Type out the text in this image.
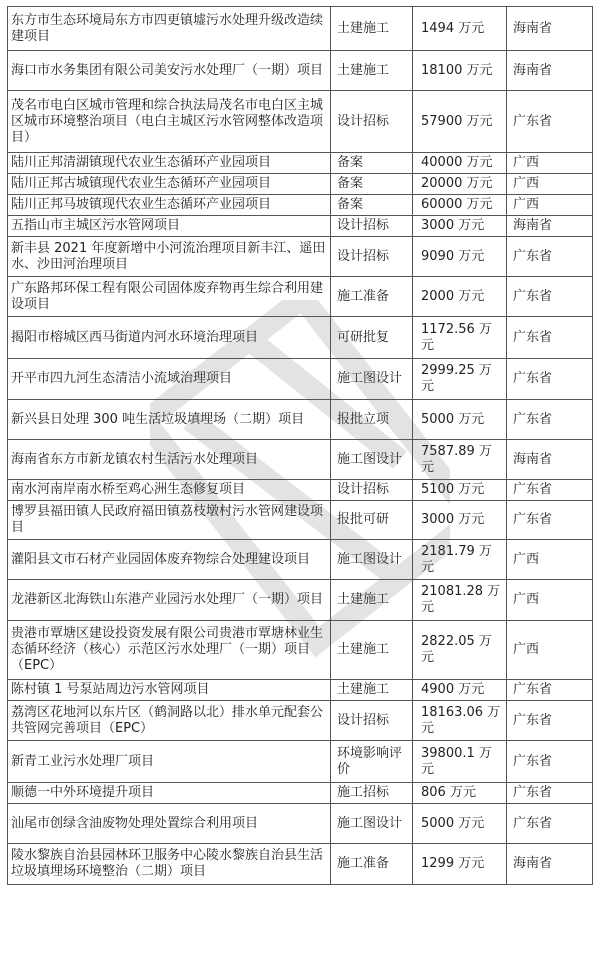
东方市生态环境局东方市四更镇墟污水处理升级改造续建项目	土建施工	1494 万元	海南省
海口市水务集团有限公司美安污水处理厂（一期）项目	土建施工	18100 万元	海南省
茂名市电白区城市管理和综合执法局茂名市电白区主城区城市环境整治项目（电白主城区污水管网整体改造项目）	设计招标	57900 万元	广东省
陆川正邦清湖镇现代农业生态循环产业园项目	备案	40000 万元	广西
陆川正邦古城镇现代农业生态循环产业园项目	备案	20000 万元	广西
陆川正邦马坡镇现代农业生态循环产业园项目	备案	60000 万元	广西
五指山市主城区污水管网项目	设计招标	3000 万元	海南省
新丰县 2021 年度新增中小河流治理项目新丰江、遥田水、沙田河治理项目	设计招标	9090 万元	广东省
广东路邦环保工程有限公司固体废弃物再生综合利用建设项目	施工准备	2000 万元	广东省
揭阳市榕城区西马街道内河水环境治理项目	可研批复	1172.56 万元	广东省
开平市四九河生态清洁小流域治理项目	施工图设计	2999.25 万元	广东省
新兴县日处理 300 吨生活垃圾填埋场（二期）项目	报批立项	5000 万元	广东省
海南省东方市新龙镇农村生活污水处理项目	施工图设计	7587.89 万元	海南省
南水河南岸南水桥至鸡心洲生态修复项目	设计招标	5100 万元	广东省
博罗县福田镇人民政府福田镇荔枝墩村污水管网建设项目	报批可研	3000 万元	广东省
灌阳县文市石材产业园固体废弃物综合处理建设项目	施工图设计	2181.79 万元	广西
龙港新区北海铁山东港产业园污水处理厂（一期）项目	土建施工	21081.28 万元	广西
贵港市覃塘区建设投资发展有限公司贵港市覃塘林业生态循环经济（核心）示范区污水处理厂（一期）项目（EPC）	土建施工	2822.05 万元	广西
陈村镇 1 号泵站周边污水管网项目	土建施工	4900 万元	广东省
荔湾区花地河以东片区（鹤洞路以北）排水单元配套公共管网完善项目（EPC）	设计招标	18163.06 万元	广东省
新青工业污水处理厂项目	环境影响评价	39800.1 万元	广东省
顺德一中外环境提升项目	施工招标	806 万元	广东省
汕尾市创绿含油废物处理处置综合利用项目	施工图设计	5000 万元	广东省
陵水黎族自治县园林环卫服务中心陵水黎族自治县生活垃圾填埋场环境整治（二期）项目	施工准备	1299 万元	海南省
